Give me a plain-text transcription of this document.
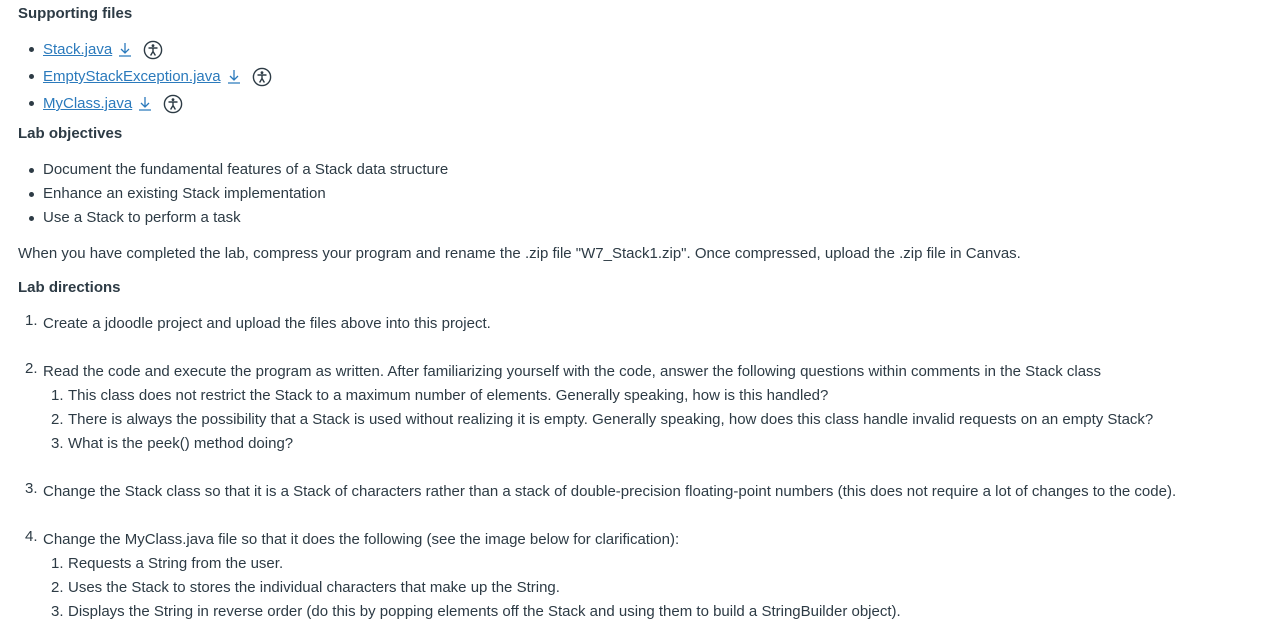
Supporting files
Stack.java
EmptyStackException.java
MyClass.java
Lab objectives
Document the fundamental features of a Stack data structure
Enhance an existing Stack implementation
Use a Stack to perform a task

When you have completed the lab, compress your program and rename the .zip file "W7_Stack1.zip". Once compressed, upload the .zip file in Canvas.

Lab directions
1. Create a jdoodle project and upload the files above into this project.
2. Read the code and execute the program as written. After familiarizing yourself with the code, answer the following questions within comments in the Stack class
1. This class does not restrict the Stack to a maximum number of elements. Generally speaking, how is this handled?
2. There is always the possibility that a Stack is used without realizing it is empty. Generally speaking, how does this class handle invalid requests on an empty Stack?
3. What is the peek() method doing?
3. Change the Stack class so that it is a Stack of characters rather than a stack of double-precision floating-point numbers (this does not require a lot of changes to the code).
4. Change the MyClass.java file so that it does the following (see the image below for clarification):
1. Requests a String from the user.
2. Uses the Stack to stores the individual characters that make up the String.
3. Displays the String in reverse order (do this by popping elements off the Stack and using them to build a StringBuilder object).
